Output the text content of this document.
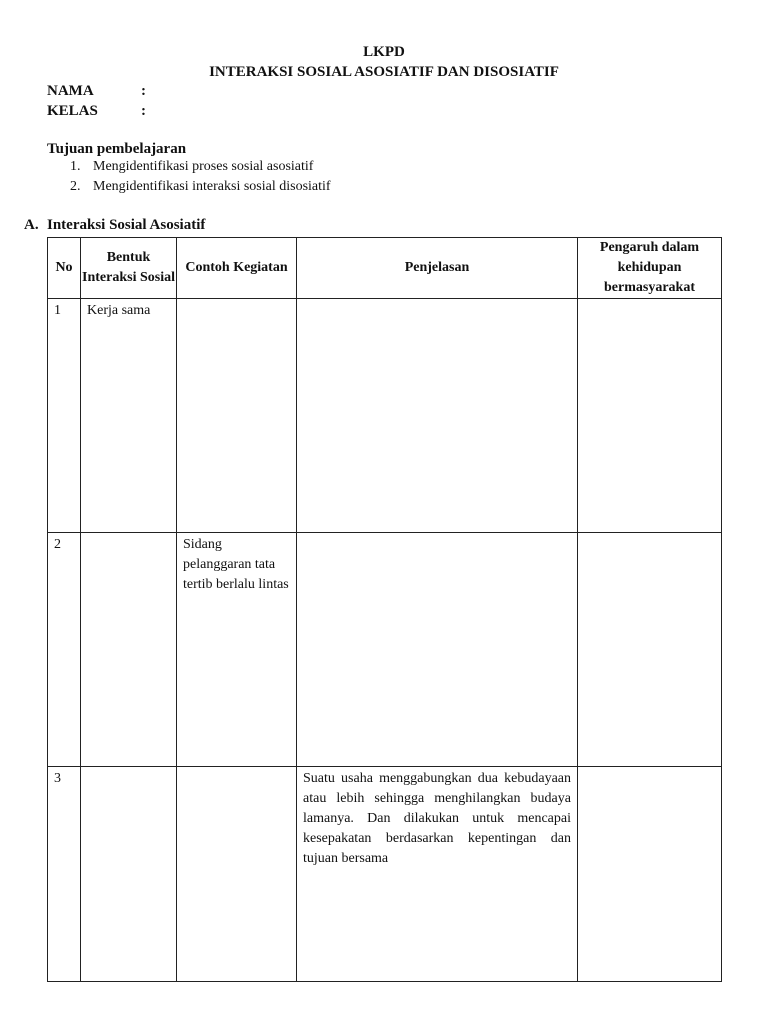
LKPD
INTERAKSI SOSIAL ASOSIATIF DAN DISOSIATIF
NAMA	:
KELAS	:
Tujuan pembelajaran
1. Mengidentifikasi proses sosial asosiatif
2. Mengidentifikasi interaksi sosial disosiatif
A. Interaksi Sosial Asosiatif
No	Bentuk Interaksi Sosial	Contoh Kegiatan	Penjelasan	Pengaruh dalam kehidupan bermasyarakat
1	Kerja sama			
2		Sidang pelanggaran tata tertib berlalu lintas		
3			Suatu usaha menggabungkan dua kebudayaan atau lebih sehingga menghilangkan budaya lamanya. Dan dilakukan untuk mencapai kesepakatan berdasarkan kepentingan dan tujuan bersama	
